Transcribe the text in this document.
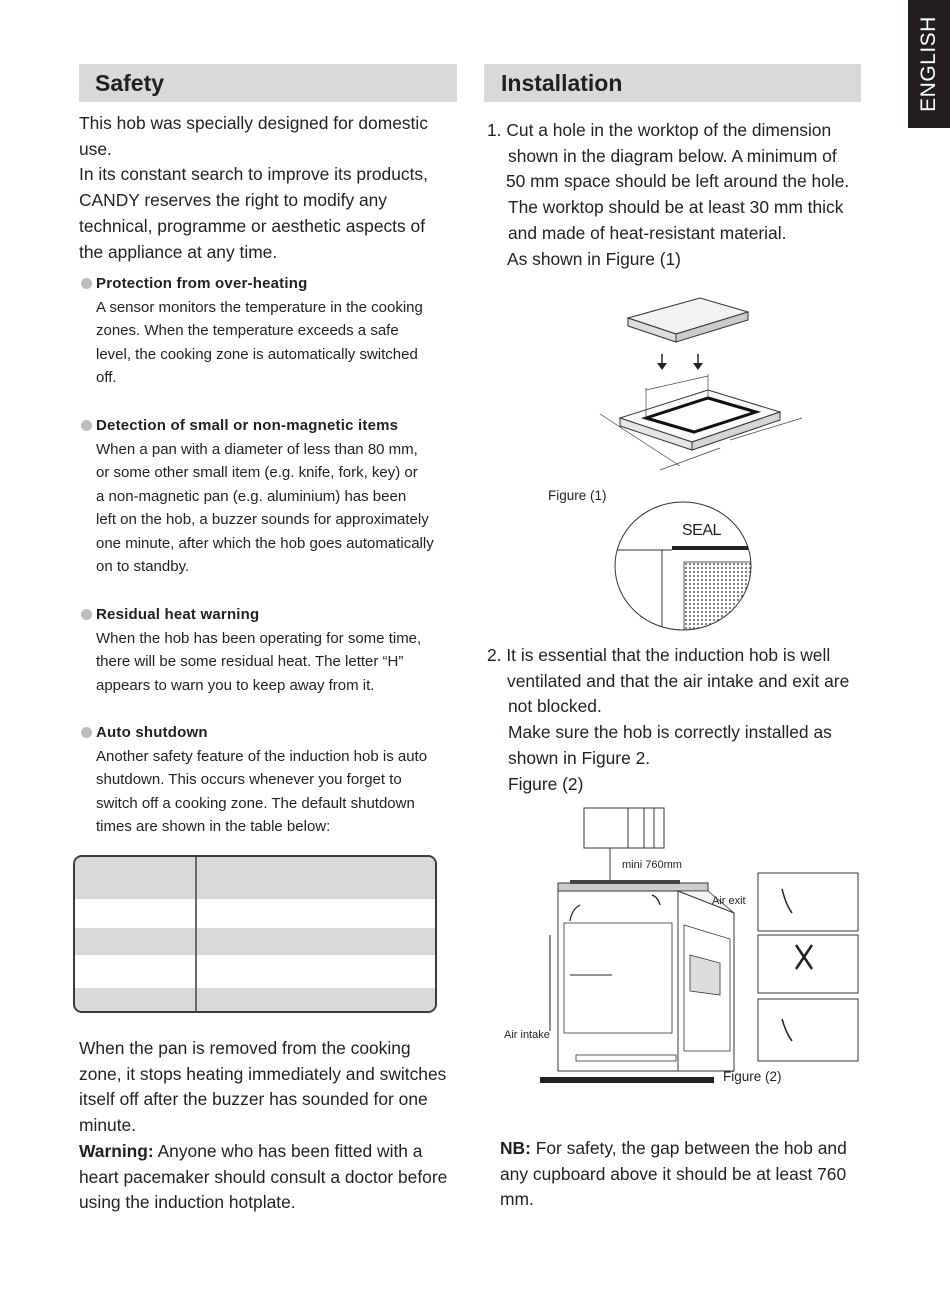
ENGLISH
Safety
This hob was specially designed for domestic
use.
In its constant search to improve its products,
CANDY reserves the right to modify any
technical, programme or aesthetic aspects of
the appliance at any time.
Protection from over-heating
A sensor monitors the temperature in the cooking
zones. When the temperature exceeds a safe
level, the cooking zone is automatically switched
off.
Detection of small or non-magnetic items
When a pan with a diameter of less than 80 mm,
or some other small item (e.g. knife, fork, key) or
a non-magnetic pan (e.g. aluminium) has been
left on the hob, a buzzer sounds for approximately
one minute, after which the hob goes automatically
on to standby.
Residual heat warning
When the hob has been operating for some time,
there will be some residual heat. The letter “H”
appears to warn you to keep away from it.
Auto shutdown
Another safety feature of the induction hob is auto
shutdown. This occurs whenever you forget to
switch off a cooking zone. The default shutdown
times are shown in the table below:
When the pan is removed from the cooking
zone, it stops heating immediately and switches
itself off after the buzzer has sounded for one
minute.
Warning: Anyone who has been fitted with a
heart pacemaker should consult a doctor before
using the induction hotplate.
Installation
1. Cut a hole in the worktop of the dimension
shown in the diagram below. A minimum of
50 mm space should be left around the hole.
The worktop should be at least 30 mm thick
and made of heat-resistant material.
As shown in Figure (1)
Figure (1)
SEAL
2. It is essential that the induction hob is well
ventilated and that the air intake and exit are
not blocked.
Make sure the hob is correctly installed as
shown in Figure 2.
Figure (2)
mini 760mm
Air exit
Air intake
Figure (2)
NB: For safety, the gap between the hob and
any cupboard above it should be at least 760
mm.
